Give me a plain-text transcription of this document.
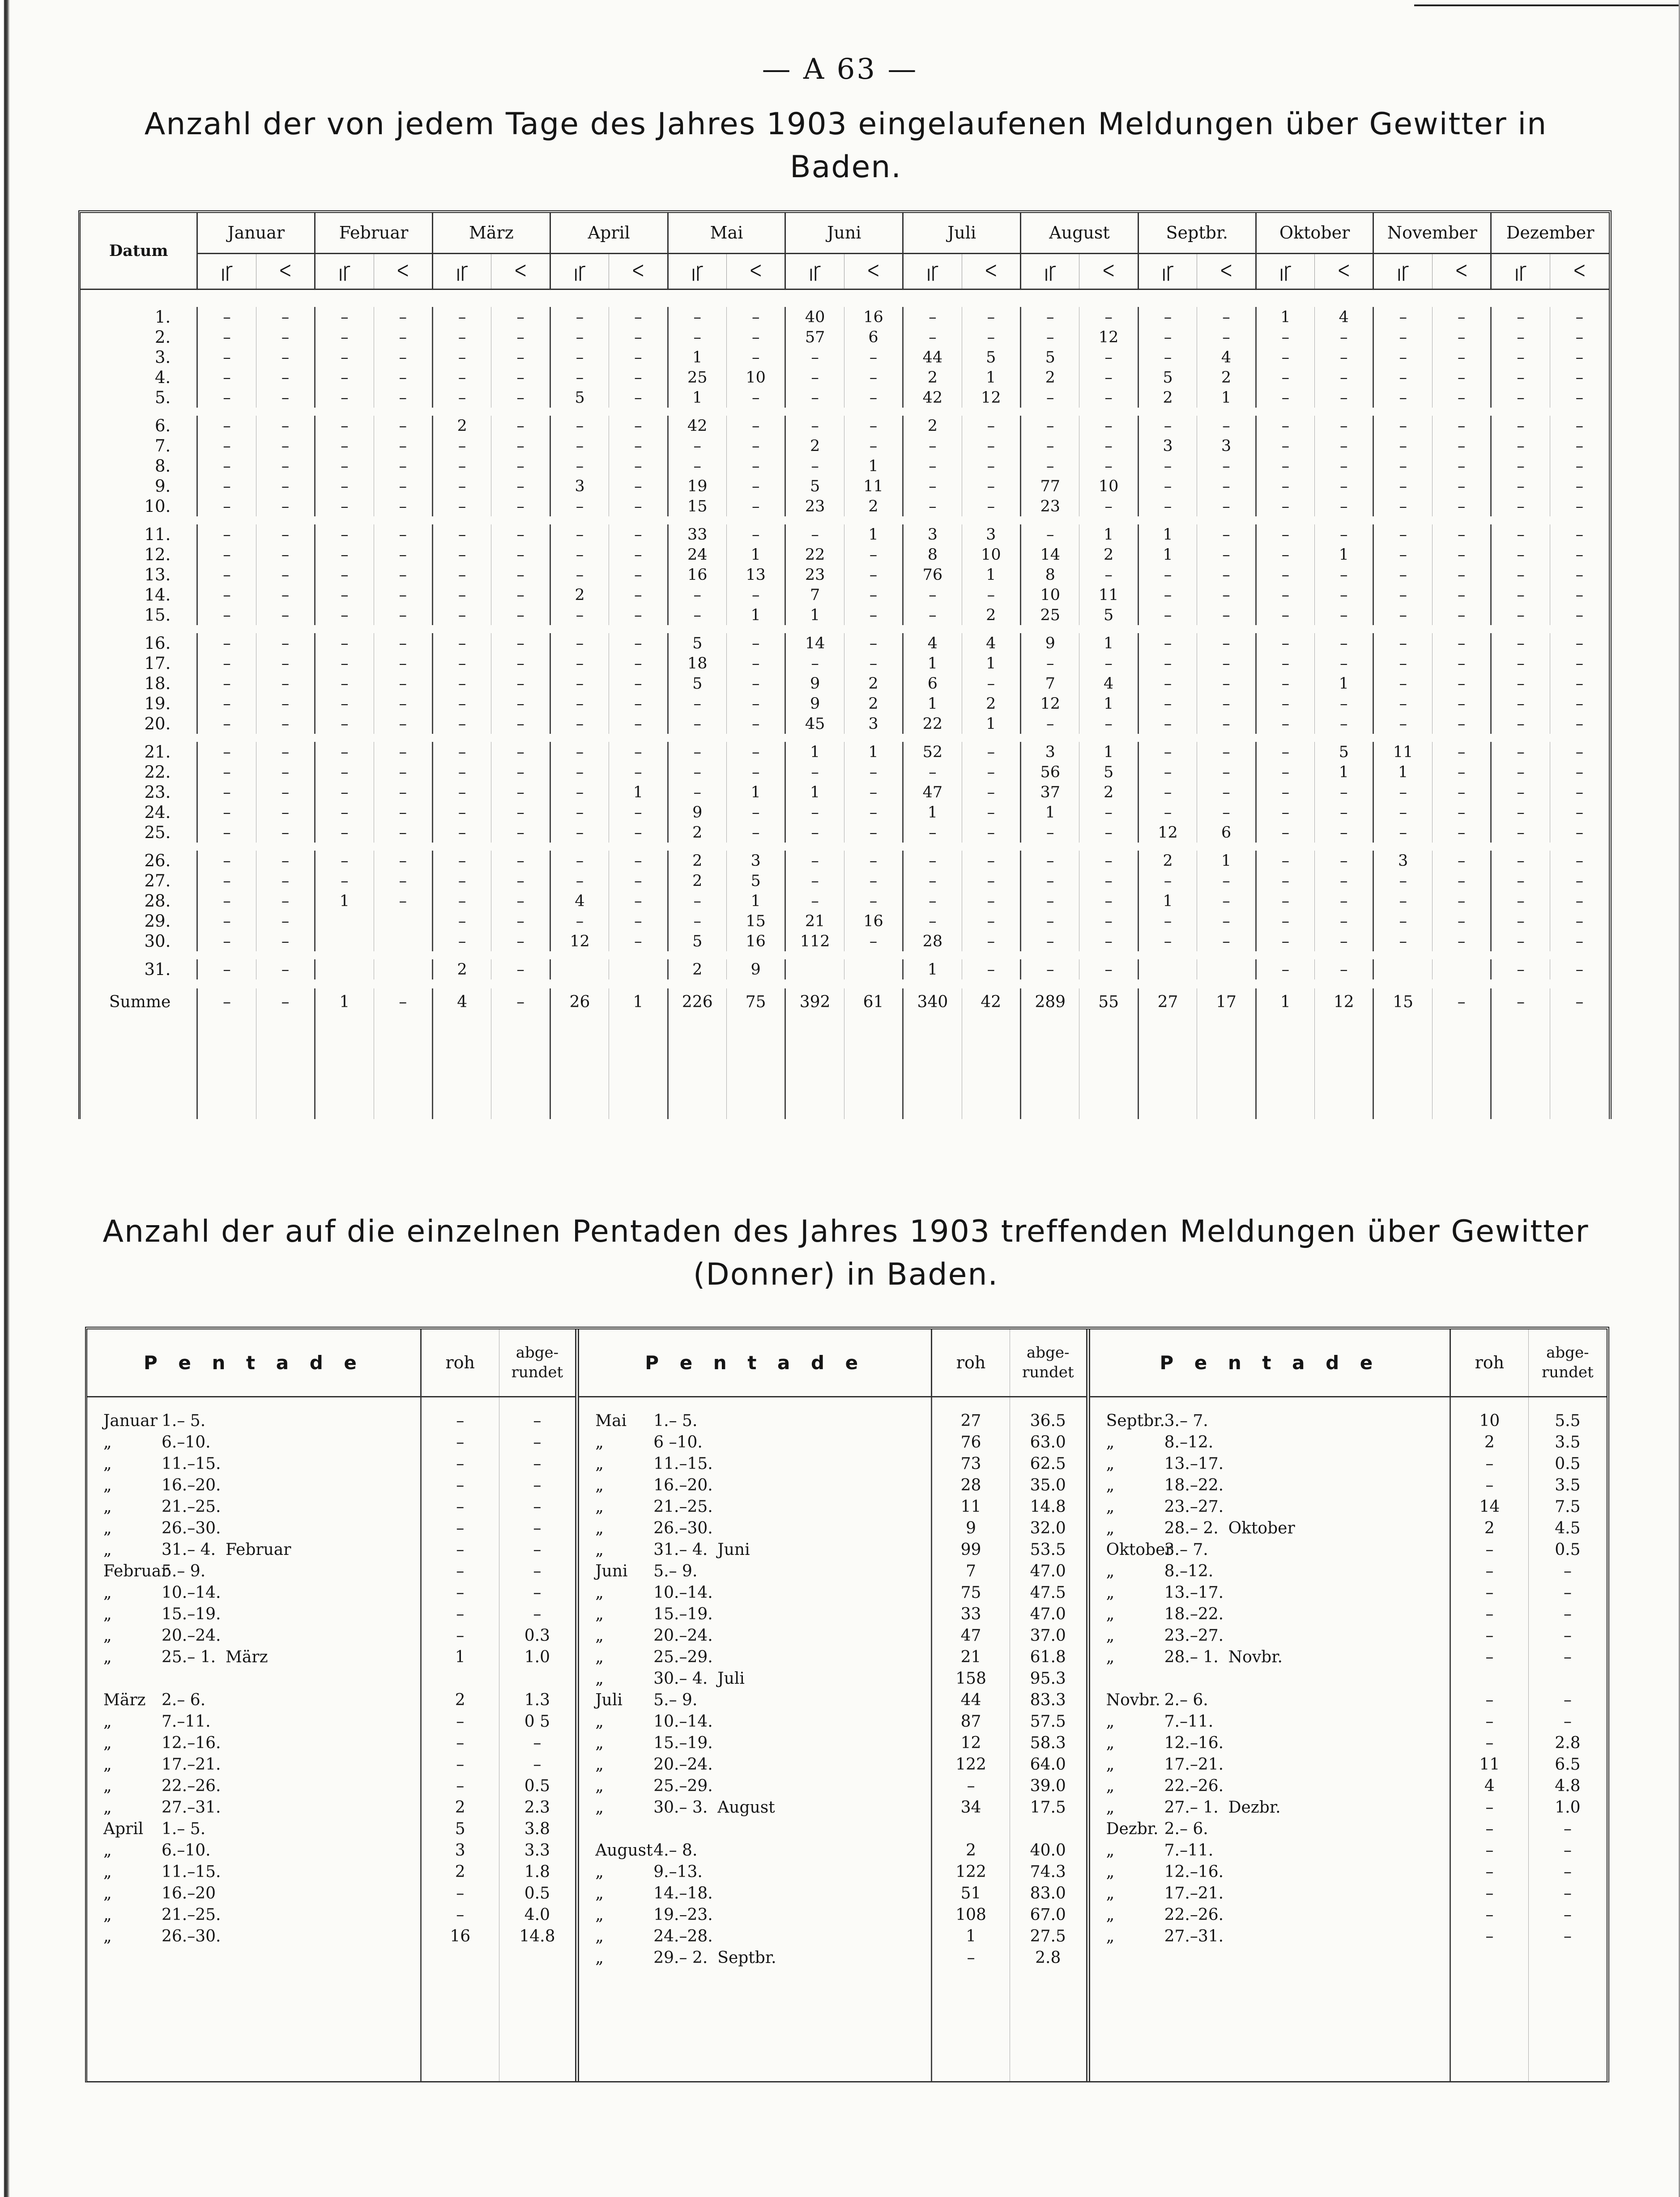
— A 63 —
Anzahl der von jedem Tage des Jahres 1903 eingelaufenen Meldungen über Gewitter in Baden.
Datum	Januar		Februar		März		April		Mai		Juni		Juli		August		Septbr.		Oktober		November		Dezember	
	ꞁꞄ	ᐸ	ꞁꞄ	ᐸ	ꞁꞄ	ᐸ	ꞁꞄ	ᐸ	ꞁꞄ	ᐸ	ꞁꞄ	ᐸ	ꞁꞄ	ᐸ	ꞁꞄ	ᐸ	ꞁꞄ	ᐸ	ꞁꞄ	ᐸ	ꞁꞄ	ᐸ	ꞁꞄ	ᐸ

1.	–	–	–	–	–	–	–	–	–	–	40	16	–	–	–	–	–	–	1	4	–	–	–	–
2.	–	–	–	–	–	–	–	–	–	–	57	6	–	–	–	12	–	–	–	–	–	–	–	–
3.	–	–	–	–	–	–	–	–	1	–	–	–	44	5	5	–	–	4	–	–	–	–	–	–
4.	–	–	–	–	–	–	–	–	25	10	–	–	2	1	2	–	5	2	–	–	–	–	–	–
5.	–	–	–	–	–	–	5	–	1	–	–	–	42	12	–	–	2	1	–	–	–	–	–	–

6.	–	–	–	–	2	–	–	–	42	–	–	–	2	–	–	–	–	–	–	–	–	–	–	–
7.	–	–	–	–	–	–	–	–	–	–	2	–	–	–	–	–	3	3	–	–	–	–	–	–
8.	–	–	–	–	–	–	–	–	–	–	–	1	–	–	–	–	–	–	–	–	–	–	–	–
9.	–	–	–	–	–	–	3	–	19	–	5	11	–	–	77	10	–	–	–	–	–	–	–	–
10.	–	–	–	–	–	–	–	–	15	–	23	2	–	–	23	–	–	–	–	–	–	–	–	–

11.	–	–	–	–	–	–	–	–	33	–	–	1	3	3	–	1	1	–	–	–	–	–	–	–
12.	–	–	–	–	–	–	–	–	24	1	22	–	8	10	14	2	1	–	–	1	–	–	–	–
13.	–	–	–	–	–	–	–	–	16	13	23	–	76	1	8	–	–	–	–	–	–	–	–	–
14.	–	–	–	–	–	–	2	–	–	–	7	–	–	–	10	11	–	–	–	–	–	–	–	–
15.	–	–	–	–	–	–	–	–	–	1	1	–	–	2	25	5	–	–	–	–	–	–	–	–

16.	–	–	–	–	–	–	–	–	5	–	14	–	4	4	9	1	–	–	–	–	–	–	–	–
17.	–	–	–	–	–	–	–	–	18	–	–	–	1	1	–	–	–	–	–	–	–	–	–	–
18.	–	–	–	–	–	–	–	–	5	–	9	2	6	–	7	4	–	–	–	1	–	–	–	–
19.	–	–	–	–	–	–	–	–	–	–	9	2	1	2	12	1	–	–	–	–	–	–	–	–
20.	–	–	–	–	–	–	–	–	–	–	45	3	22	1	–	–	–	–	–	–	–	–	–	–

21.	–	–	–	–	–	–	–	–	–	–	1	1	52	–	3	1	–	–	–	5	11	–	–	–
22.	–	–	–	–	–	–	–	–	–	–	–	–	–	–	56	5	–	–	–	1	1	–	–	–
23.	–	–	–	–	–	–	–	1	–	1	1	–	47	–	37	2	–	–	–	–	–	–	–	–
24.	–	–	–	–	–	–	–	–	9	–	–	–	1	–	1	–	–	–	–	–	–	–	–	–
25.	–	–	–	–	–	–	–	–	2	–	–	–	–	–	–	–	12	6	–	–	–	–	–	–

26.	–	–	–	–	–	–	–	–	2	3	–	–	–	–	–	–	2	1	–	–	3	–	–	–
27.	–	–	–	–	–	–	–	–	2	5	–	–	–	–	–	–	–	–	–	–	–	–	–	–
28.	–	–	1	–	–	–	4	–	–	1	–	–	–	–	–	–	1	–	–	–	–	–	–	–
29.	–	–			–	–	–	–	–	15	21	16	–	–	–	–	–	–	–	–	–	–	–	–
30.	–	–			–	–	12	–	5	16	112	–	28	–	–	–	–	–	–	–	–	–	–	–

31.	–	–			2	–			2	9			1	–	–	–			–	–			–	–

Summe	–	–	1	–	4	–	26	1	226	75	392	61	340	42	289	55	27	17	1	12	15	–	–	–

Anzahl der auf die einzelnen Pentaden des Jahres 1903 treffenden Meldungen über Gewitter
(Donner) in Baden.
P e n t a d e	roh	abge-
rundet	P e n t a d e	roh	abge-
rundet	P e n t a d e	roh	abge-
rundet

Januar 1.– 5.	–	–	Mai 1.– 5.	27	36.5	Septbr.3.– 7.	10	5.5
„ 6.–10.	–	–	„ 6 –10.	76	63.0	„ 8.–12.	2	3.5
„ 11.–15.	–	–	„ 11.–15.	73	62.5	„ 13.–17.	–	0.5
„ 16.–20.	–	–	„ 16.–20.	28	35.0	„ 18.–22.	–	3.5
„ 21.–25.	–	–	„ 21.–25.	11	14.8	„ 23.–27.	14	7.5
„ 26.–30.	–	–	„ 26.–30.	9	32.0	„ 28.– 2. Oktober	2	4.5
„ 31.– 4. Februar	–	–	„ 31.– 4. Juni	99	53.5	Oktober3.– 7.	–	0.5
Februar5.– 9.	–	–	Juni 5.– 9.	7	47.0	„ 8.–12.	–	–
„ 10.–14.	–	–	„ 10.–14.	75	47.5	„ 13.–17.	–	–
„ 15.–19.	–	–	„ 15.–19.	33	47.0	„ 18.–22.	–	–
„ 20.–24.	–	0.3	„ 20.–24.	47	37.0	„ 23.–27.	–	–
„ 25.– 1. März	1	1.0	„ 25.–29.	21	61.8	„ 28.– 1. Novbr.	–	–
			„ 30.– 4. Juli	158	95.3			
März 2.– 6.	2	1.3	Juli 5.– 9.	44	83.3	Novbr. 2.– 6.	–	–
„ 7.–11.	–	0 5	„ 10.–14.	87	57.5	„ 7.–11.	–	–
„ 12.–16.	–	–	„ 15.–19.	12	58.3	„ 12.–16.	–	2.8
„ 17.–21.	–	–	„ 20.–24.	122	64.0	„ 17.–21.	11	6.5
„ 22.–26.	–	0.5	„ 25.–29.	–	39.0	„ 22.–26.	4	4.8
„ 27.–31.	2	2.3	„ 30.– 3. August	34	17.5	„ 27.– 1. Dezbr.	–	1.0
April 1.– 5.	5	3.8				Dezbr. 2.– 6.	–	–
„ 6.–10.	3	3.3	August4.– 8.	2	40.0	„ 7.–11.	–	–
„ 11.–15.	2	1.8	„ 9.–13.	122	74.3	„ 12.–16.	–	–
„ 16.–20	–	0.5	„ 14.–18.	51	83.0	„ 17.–21.	–	–
„ 21.–25.	–	4.0	„ 19.–23.	108	67.0	„ 22.–26.	–	–
„ 26.–30.	16	14.8	„ 24.–28.	1	27.5	„ 27.–31.	–	–
			„ 29.– 2. Septbr.	–	2.8			
